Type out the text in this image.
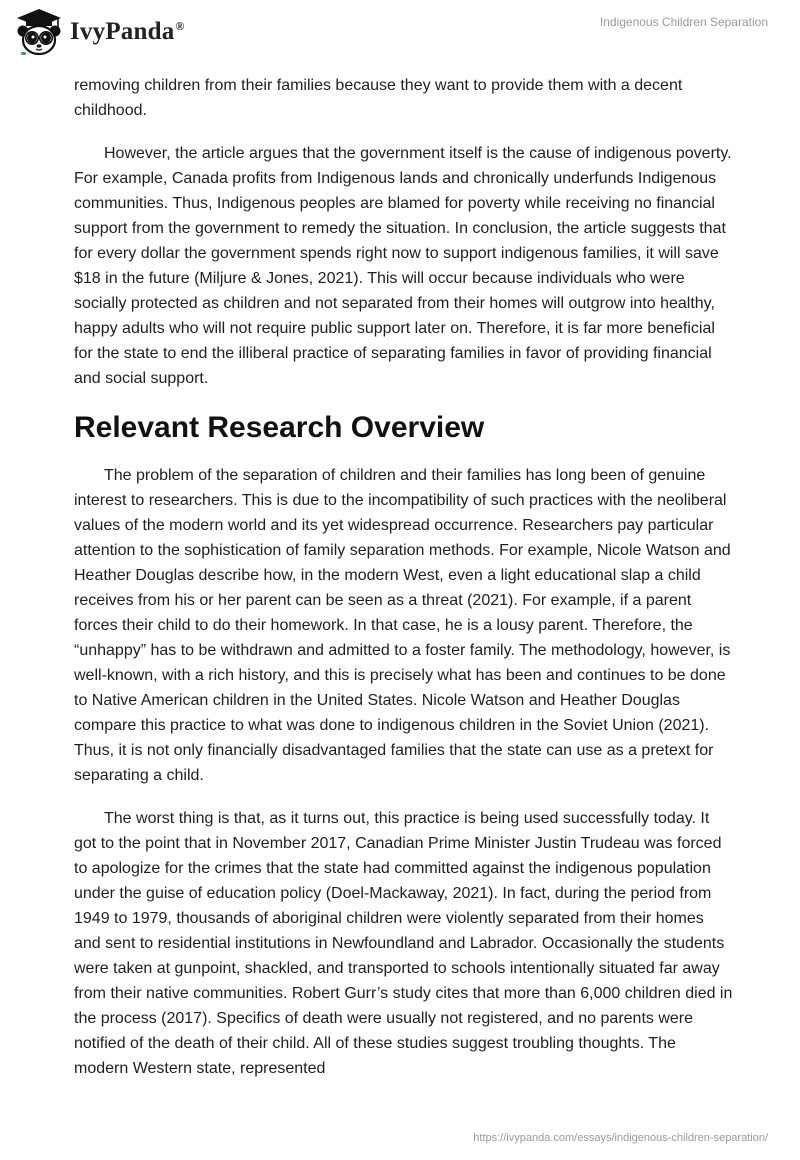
IvyPanda®	Indigenous Children Separation

removing children from their families because they want to provide them with a decent childhood.

However, the article argues that the government itself is the cause of indigenous poverty. For example, Canada profits from Indigenous lands and chronically underfunds Indigenous communities. Thus, Indigenous peoples are blamed for poverty while receiving no financial support from the government to remedy the situation. In conclusion, the article suggests that for every dollar the government spends right now to support indigenous families, it will save $18 in the future (Miljure & Jones, 2021). This will occur because individuals who were socially protected as children and not separated from their homes will outgrow into healthy, happy adults who will not require public support later on. Therefore, it is far more beneficial for the state to end the illiberal practice of separating families in favor of providing financial and social support.

Relevant Research Overview

The problem of the separation of children and their families has long been of genuine interest to researchers. This is due to the incompatibility of such practices with the neoliberal values of the modern world and its yet widespread occurrence. Researchers pay particular attention to the sophistication of family separation methods. For example, Nicole Watson and Heather Douglas describe how, in the modern West, even a light educational slap a child receives from his or her parent can be seen as a threat (2021). For example, if a parent forces their child to do their homework. In that case, he is a lousy parent. Therefore, the “unhappy” has to be withdrawn and admitted to a foster family. The methodology, however, is well-known, with a rich history, and this is precisely what has been and continues to be done to Native American children in the United States. Nicole Watson and Heather Douglas compare this practice to what was done to indigenous children in the Soviet Union (2021). Thus, it is not only financially disadvantaged families that the state can use as a pretext for separating a child.

The worst thing is that, as it turns out, this practice is being used successfully today. It got to the point that in November 2017, Canadian Prime Minister Justin Trudeau was forced to apologize for the crimes that the state had committed against the indigenous population under the guise of education policy (Doel-Mackaway, 2021). In fact, during the period from 1949 to 1979, thousands of aboriginal children were violently separated from their homes and sent to residential institutions in Newfoundland and Labrador. Occasionally the students were taken at gunpoint, shackled, and transported to schools intentionally situated far away from their native communities. Robert Gurr’s study cites that more than 6,000 children died in the process (2017). Specifics of death were usually not registered, and no parents were notified of the death of their child. All of these studies suggest troubling thoughts. The modern Western state, represented

https://ivypanda.com/essays/indigenous-children-separation/
